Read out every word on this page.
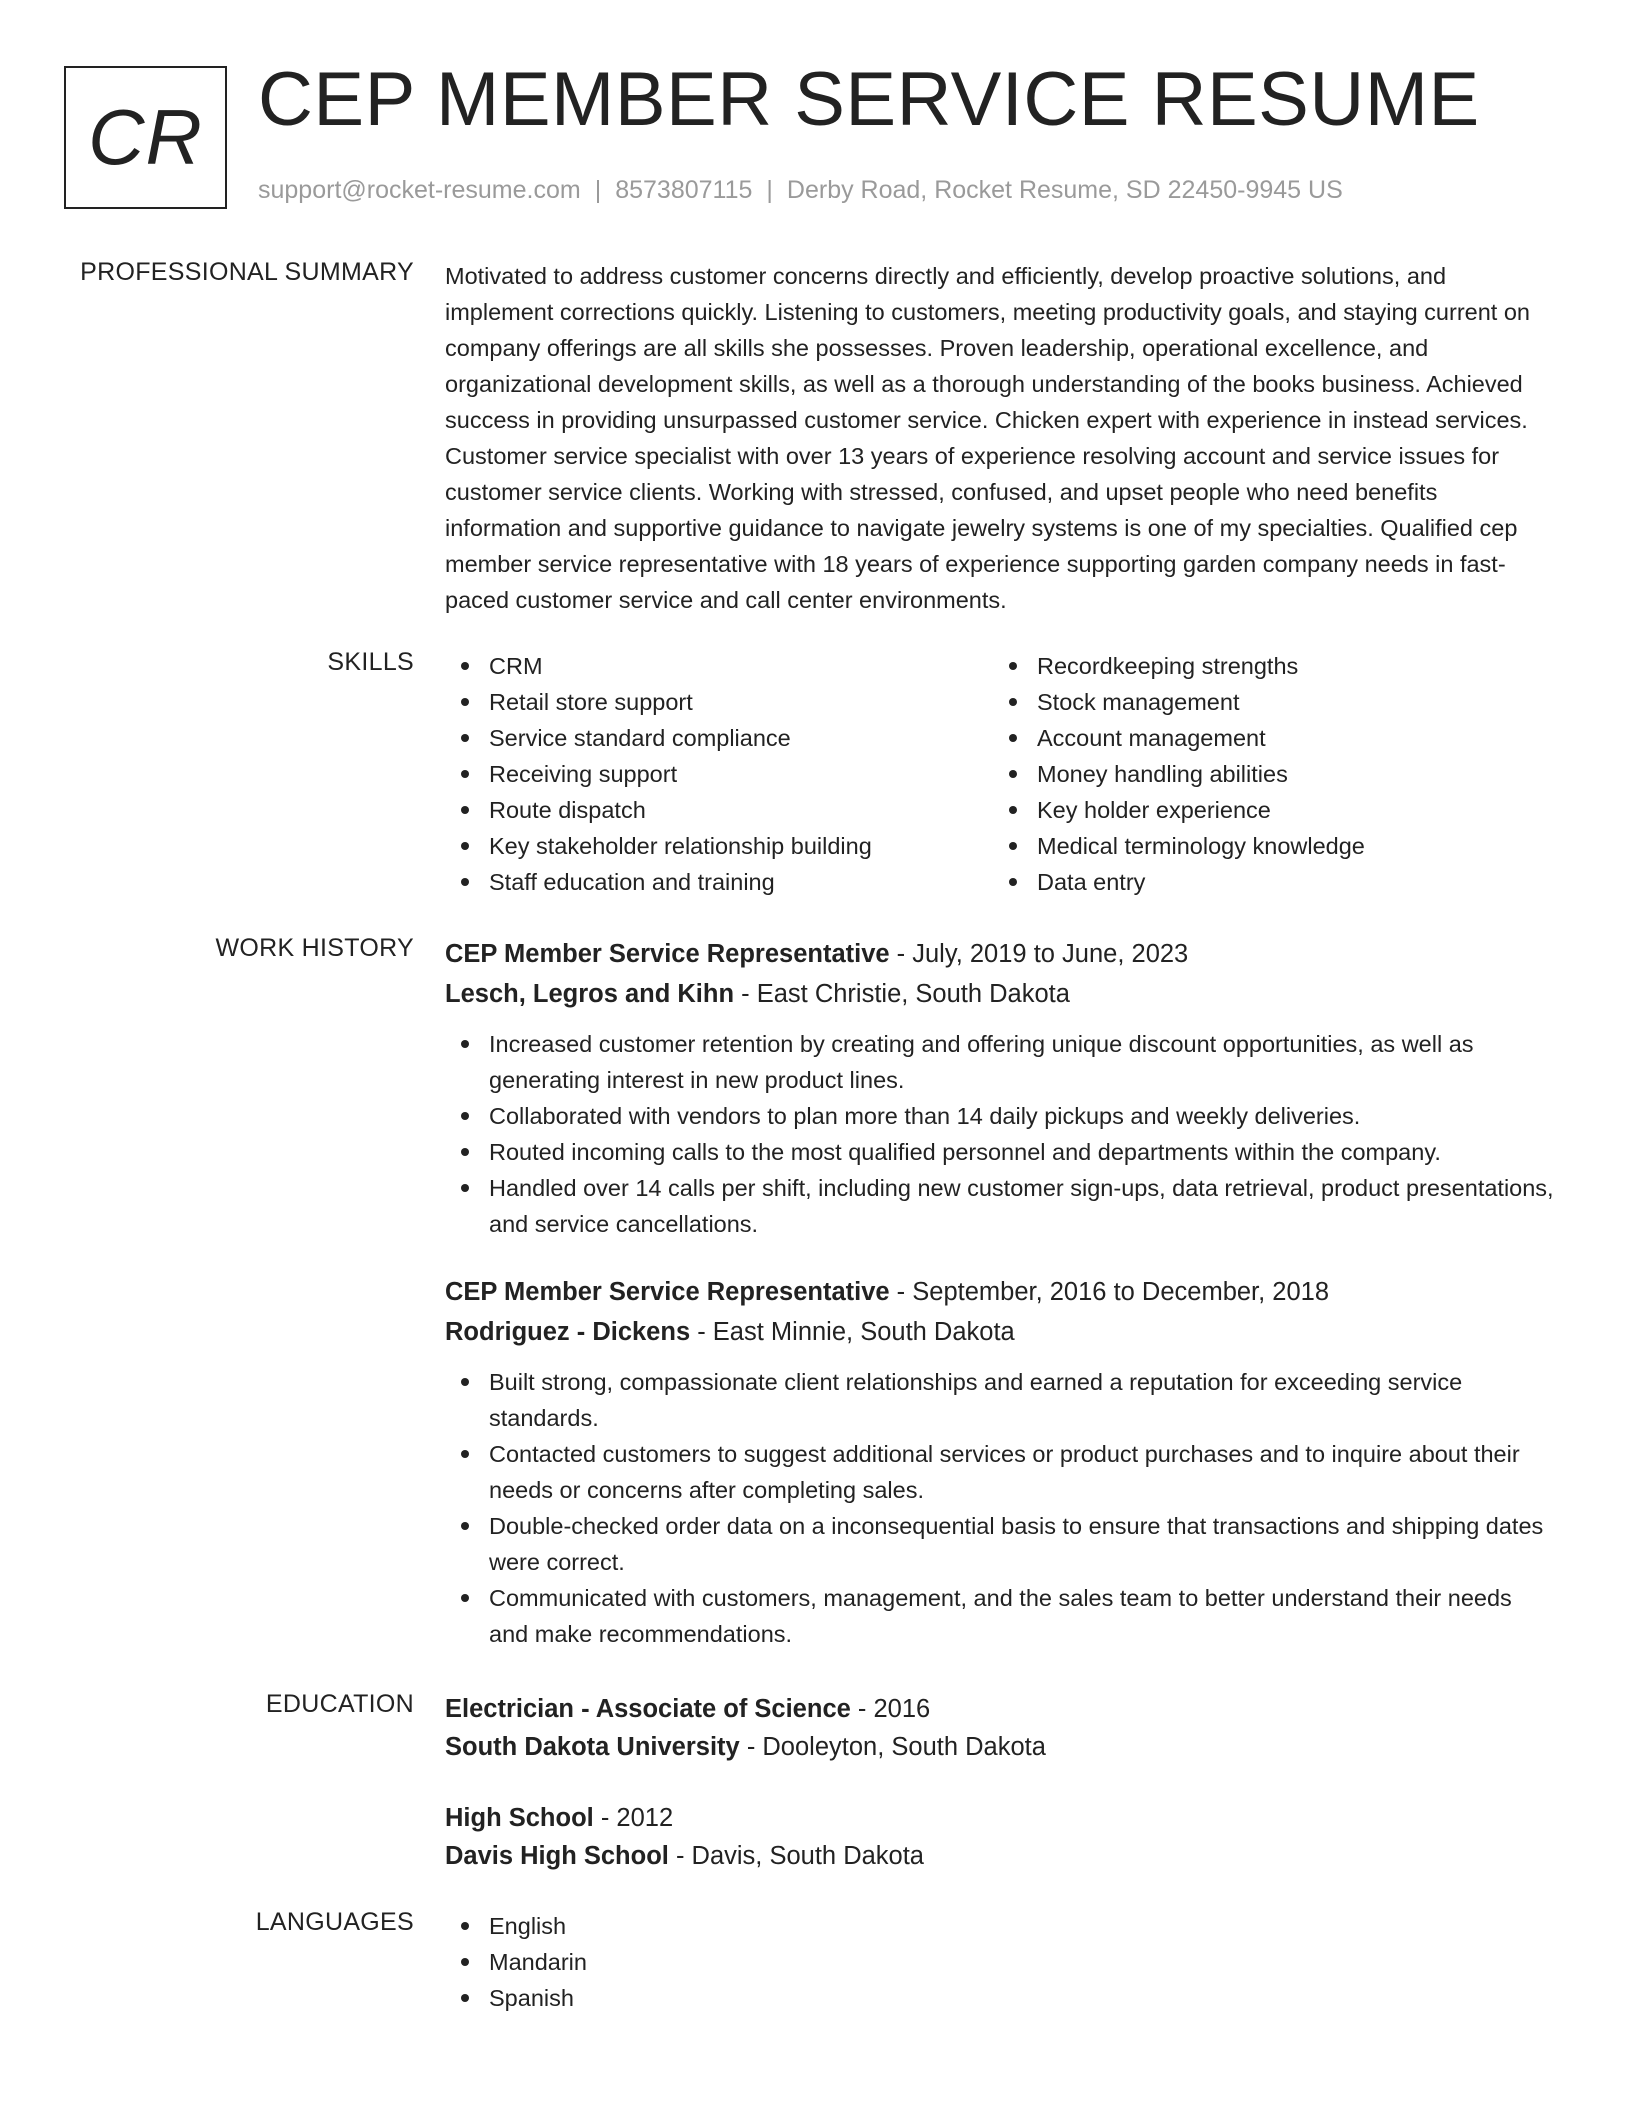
CR CEP MEMBER SERVICE RESUME
support@rocket-resume.com | 8573807115 | Derby Road, Rocket Resume, SD 22450-9945 US
PROFESSIONAL SUMMARY Motivated to address customer concerns directly and efficiently, develop proactive solutions, and implement corrections quickly. Listening to customers, meeting productivity goals, and staying current on company offerings are all skills she possesses. Proven leadership, operational excellence, and organizational development skills, as well as a thorough understanding of the books business. Achieved success in providing unsurpassed customer service. Chicken expert with experience in instead services. Customer service specialist with over 13 years of experience resolving account and service issues for customer service clients. Working with stressed, confused, and upset people who need benefits information and supportive guidance to navigate jewelry systems is one of my specialties. Qualified cep member service representative with 18 years of experience supporting garden company needs in fast-paced customer service and call center environments.

SKILLS	CRM
Retail store support
Service standard compliance
Receiving support
Route dispatch
Key stakeholder relationship building
Staff education and training
Recordkeeping strengths
Stock management
Account management
Money handling abilities
Key holder experience
Medical terminology knowledge
Data entry
WORK HISTORY CEP Member Service Representative - July, 2019 to June, 2023
Lesch, Legros and Kihn - East Christie, South Dakota
Increased customer retention by creating and offering unique discount opportunities, as well as generating interest in new product lines.
Collaborated with vendors to plan more than 14 daily pickups and weekly deliveries.
Routed incoming calls to the most qualified personnel and departments within the company.
Handled over 14 calls per shift, including new customer sign-ups, data retrieval, product presentations, and service cancellations.
CEP Member Service Representative - September, 2016 to December, 2018
Rodriguez - Dickens - East Minnie, South Dakota
Built strong, compassionate client relationships and earned a reputation for exceeding service standards.
Contacted customers to suggest additional services or product purchases and to inquire about their needs or concerns after completing sales.
Double-checked order data on a inconsequential basis to ensure that transactions and shipping dates were correct.
Communicated with customers, management, and the sales team to better understand their needs and make recommendations.
EDUCATION Electrician - Associate of Science - 2016
South Dakota University - Dooleyton, South Dakota
High School - 2012
Davis High School - Davis, South Dakota
LANGUAGES	English
Mandarin
Spanish
